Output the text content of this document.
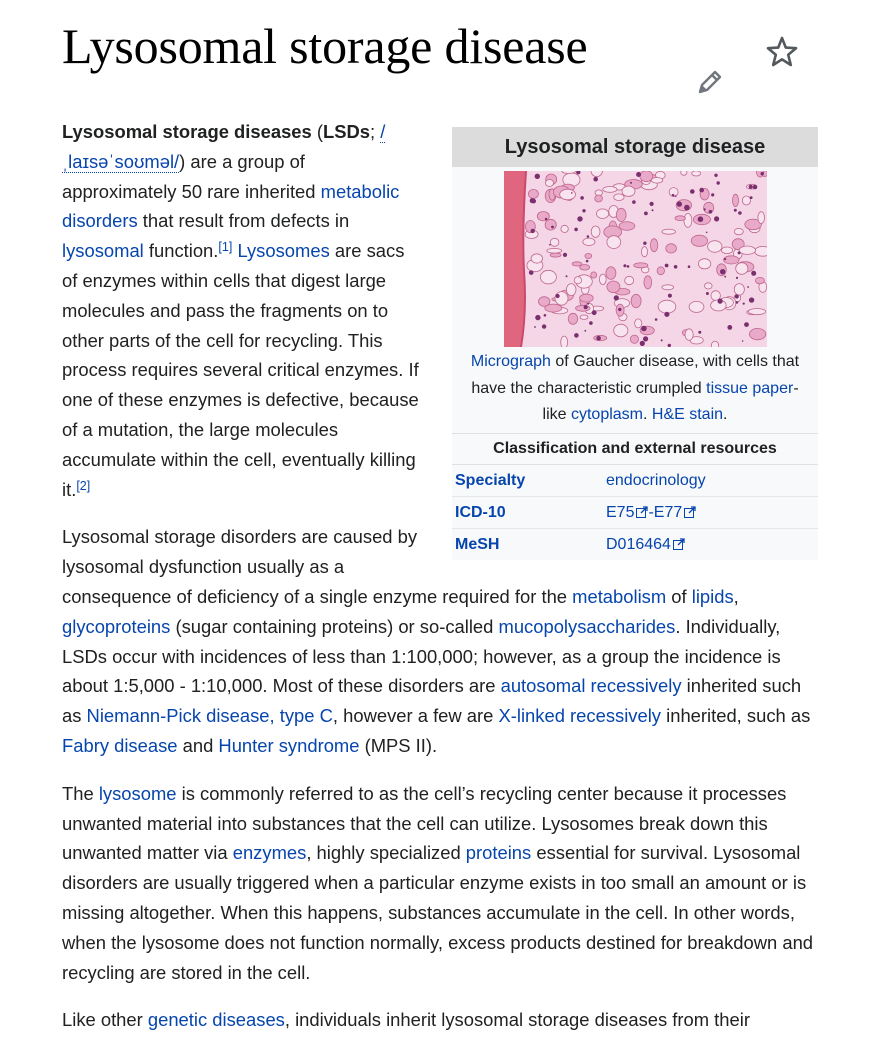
Lysosomal storage disease
Lysosomal storage disease
Micrograph of Gaucher disease, with cells that have the characteristic crumpled tissue paper-like cytoplasm. H&E stain.
Classification and external resources
Specialty	endocrinology
ICD-10	E75 -E77
MeSH	D016464

Lysosomal storage diseases (LSDs; /ˌlaɪsəˈsoʊməl/) are a group of approximately 50 rare inherited metabolic disorders that result from defects in lysosomal function.[1] Lysosomes are sacs of enzymes within cells that digest large molecules and pass the fragments on to other parts of the cell for recycling. This process requires several critical enzymes. If one of these enzymes is defective, because of a mutation, the large molecules accumulate within the cell, eventually killing it.[2]

Lysosomal storage disorders are caused by lysosomal dysfunction usually as a consequence of deficiency of a single enzyme required for the metabolism of lipids, glycoproteins (sugar containing proteins) or so-called mucopolysaccharides. Individually, LSDs occur with incidences of less than 1:100,000; however, as a group the incidence is about 1:5,000 - 1:10,000. Most of these disorders are autosomal recessively inherited such as Niemann-Pick disease, type C, however a few are X-linked recessively inherited, such as Fabry disease and Hunter syndrome (MPS II).

The lysosome is commonly referred to as the cell’s recycling center because it processes unwanted material into substances that the cell can utilize. Lysosomes break down this unwanted matter via enzymes, highly specialized proteins essential for survival. Lysosomal disorders are usually triggered when a particular enzyme exists in too small an amount or is missing altogether. When this happens, substances accumulate in the cell. In other words, when the lysosome does not function normally, excess products destined for breakdown and recycling are stored in the cell.

Like other genetic diseases, individuals inherit lysosomal storage diseases from their
